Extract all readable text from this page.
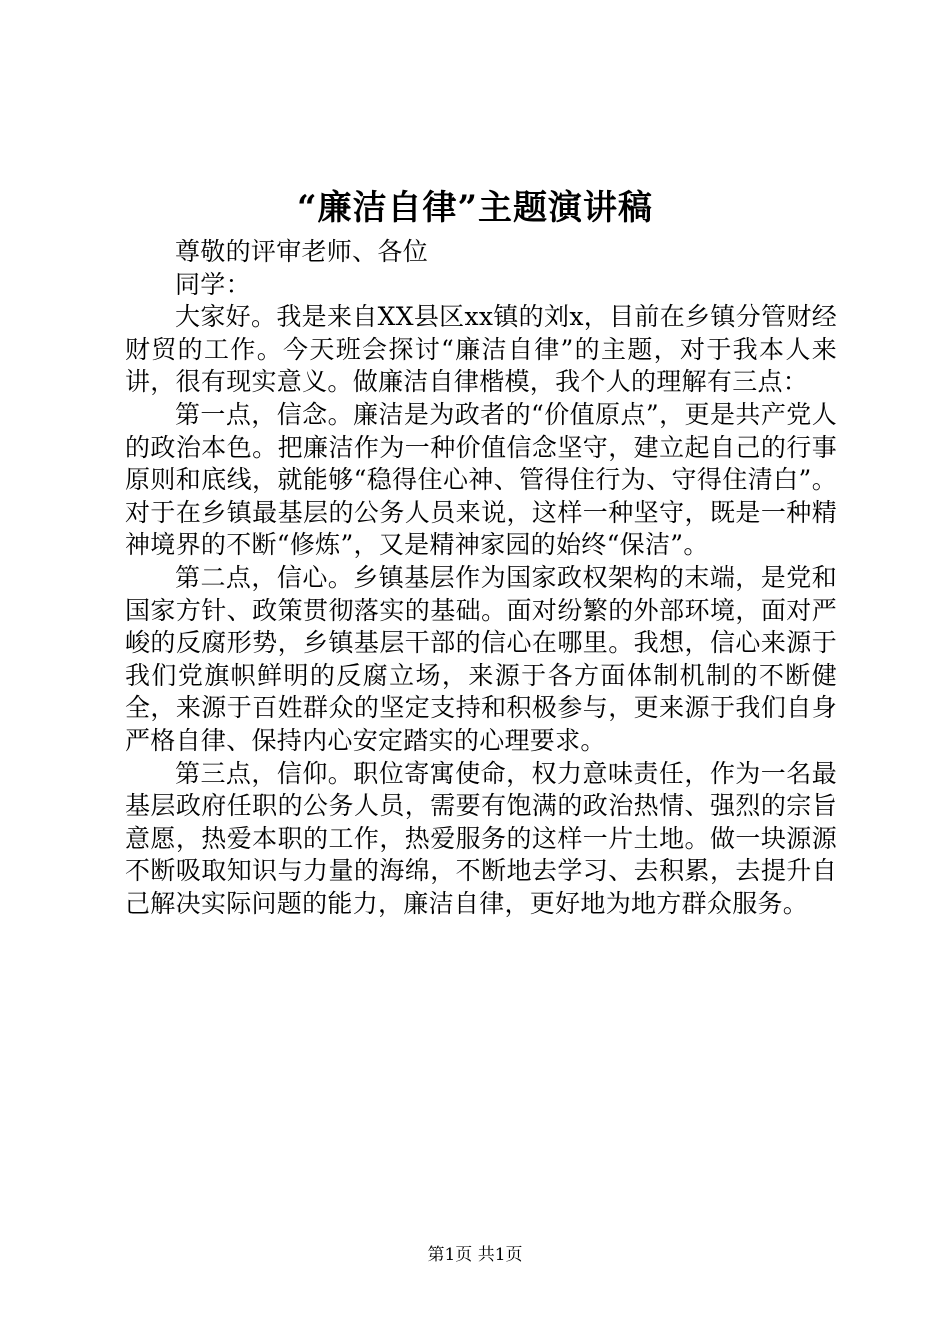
“廉洁自律”主题演讲稿

尊敬的评审老师、各位

同学：

大家好。我是来自XX县区xx镇的刘x，目前在乡镇分管财经财贸的工作。今天班会探讨“廉洁自律”的主题，对于我本人来讲，很有现实意义。做廉洁自律楷模，我个人的理解有三点：

第一点，信念。廉洁是为政者的“价值原点”，更是共产党人的政治本色。把廉洁作为一种价值信念坚守，建立起自己的行事原则和底线，就能够“稳得住心神、管得住行为、守得住清白”。对于在乡镇最基层的公务人员来说，这样一种坚守，既是一种精神境界的不断“修炼”，又是精神家园的始终“保洁”。

第二点，信心。乡镇基层作为国家政权架构的末端，是党和国家方针、政策贯彻落实的基础。面对纷繁的外部环境，面对严峻的反腐形势，乡镇基层干部的信心在哪里。我想，信心来源于我们党旗帜鲜明的反腐立场，来源于各方面体制机制的不断健全，来源于百姓群众的坚定支持和积极参与，更来源于我们自身严格自律、保持内心安定踏实的心理要求。

第三点，信仰。职位寄寓使命，权力意味责任，作为一名最基层政府任职的公务人员，需要有饱满的政治热情、强烈的宗旨意愿，热爱本职的工作，热爱服务的这样一片土地。做一块源源不断吸取知识与力量的海绵，不断地去学习、去积累，去提升自己解决实际问题的能力，廉洁自律，更好地为地方群众服务。

第1页 共1页
